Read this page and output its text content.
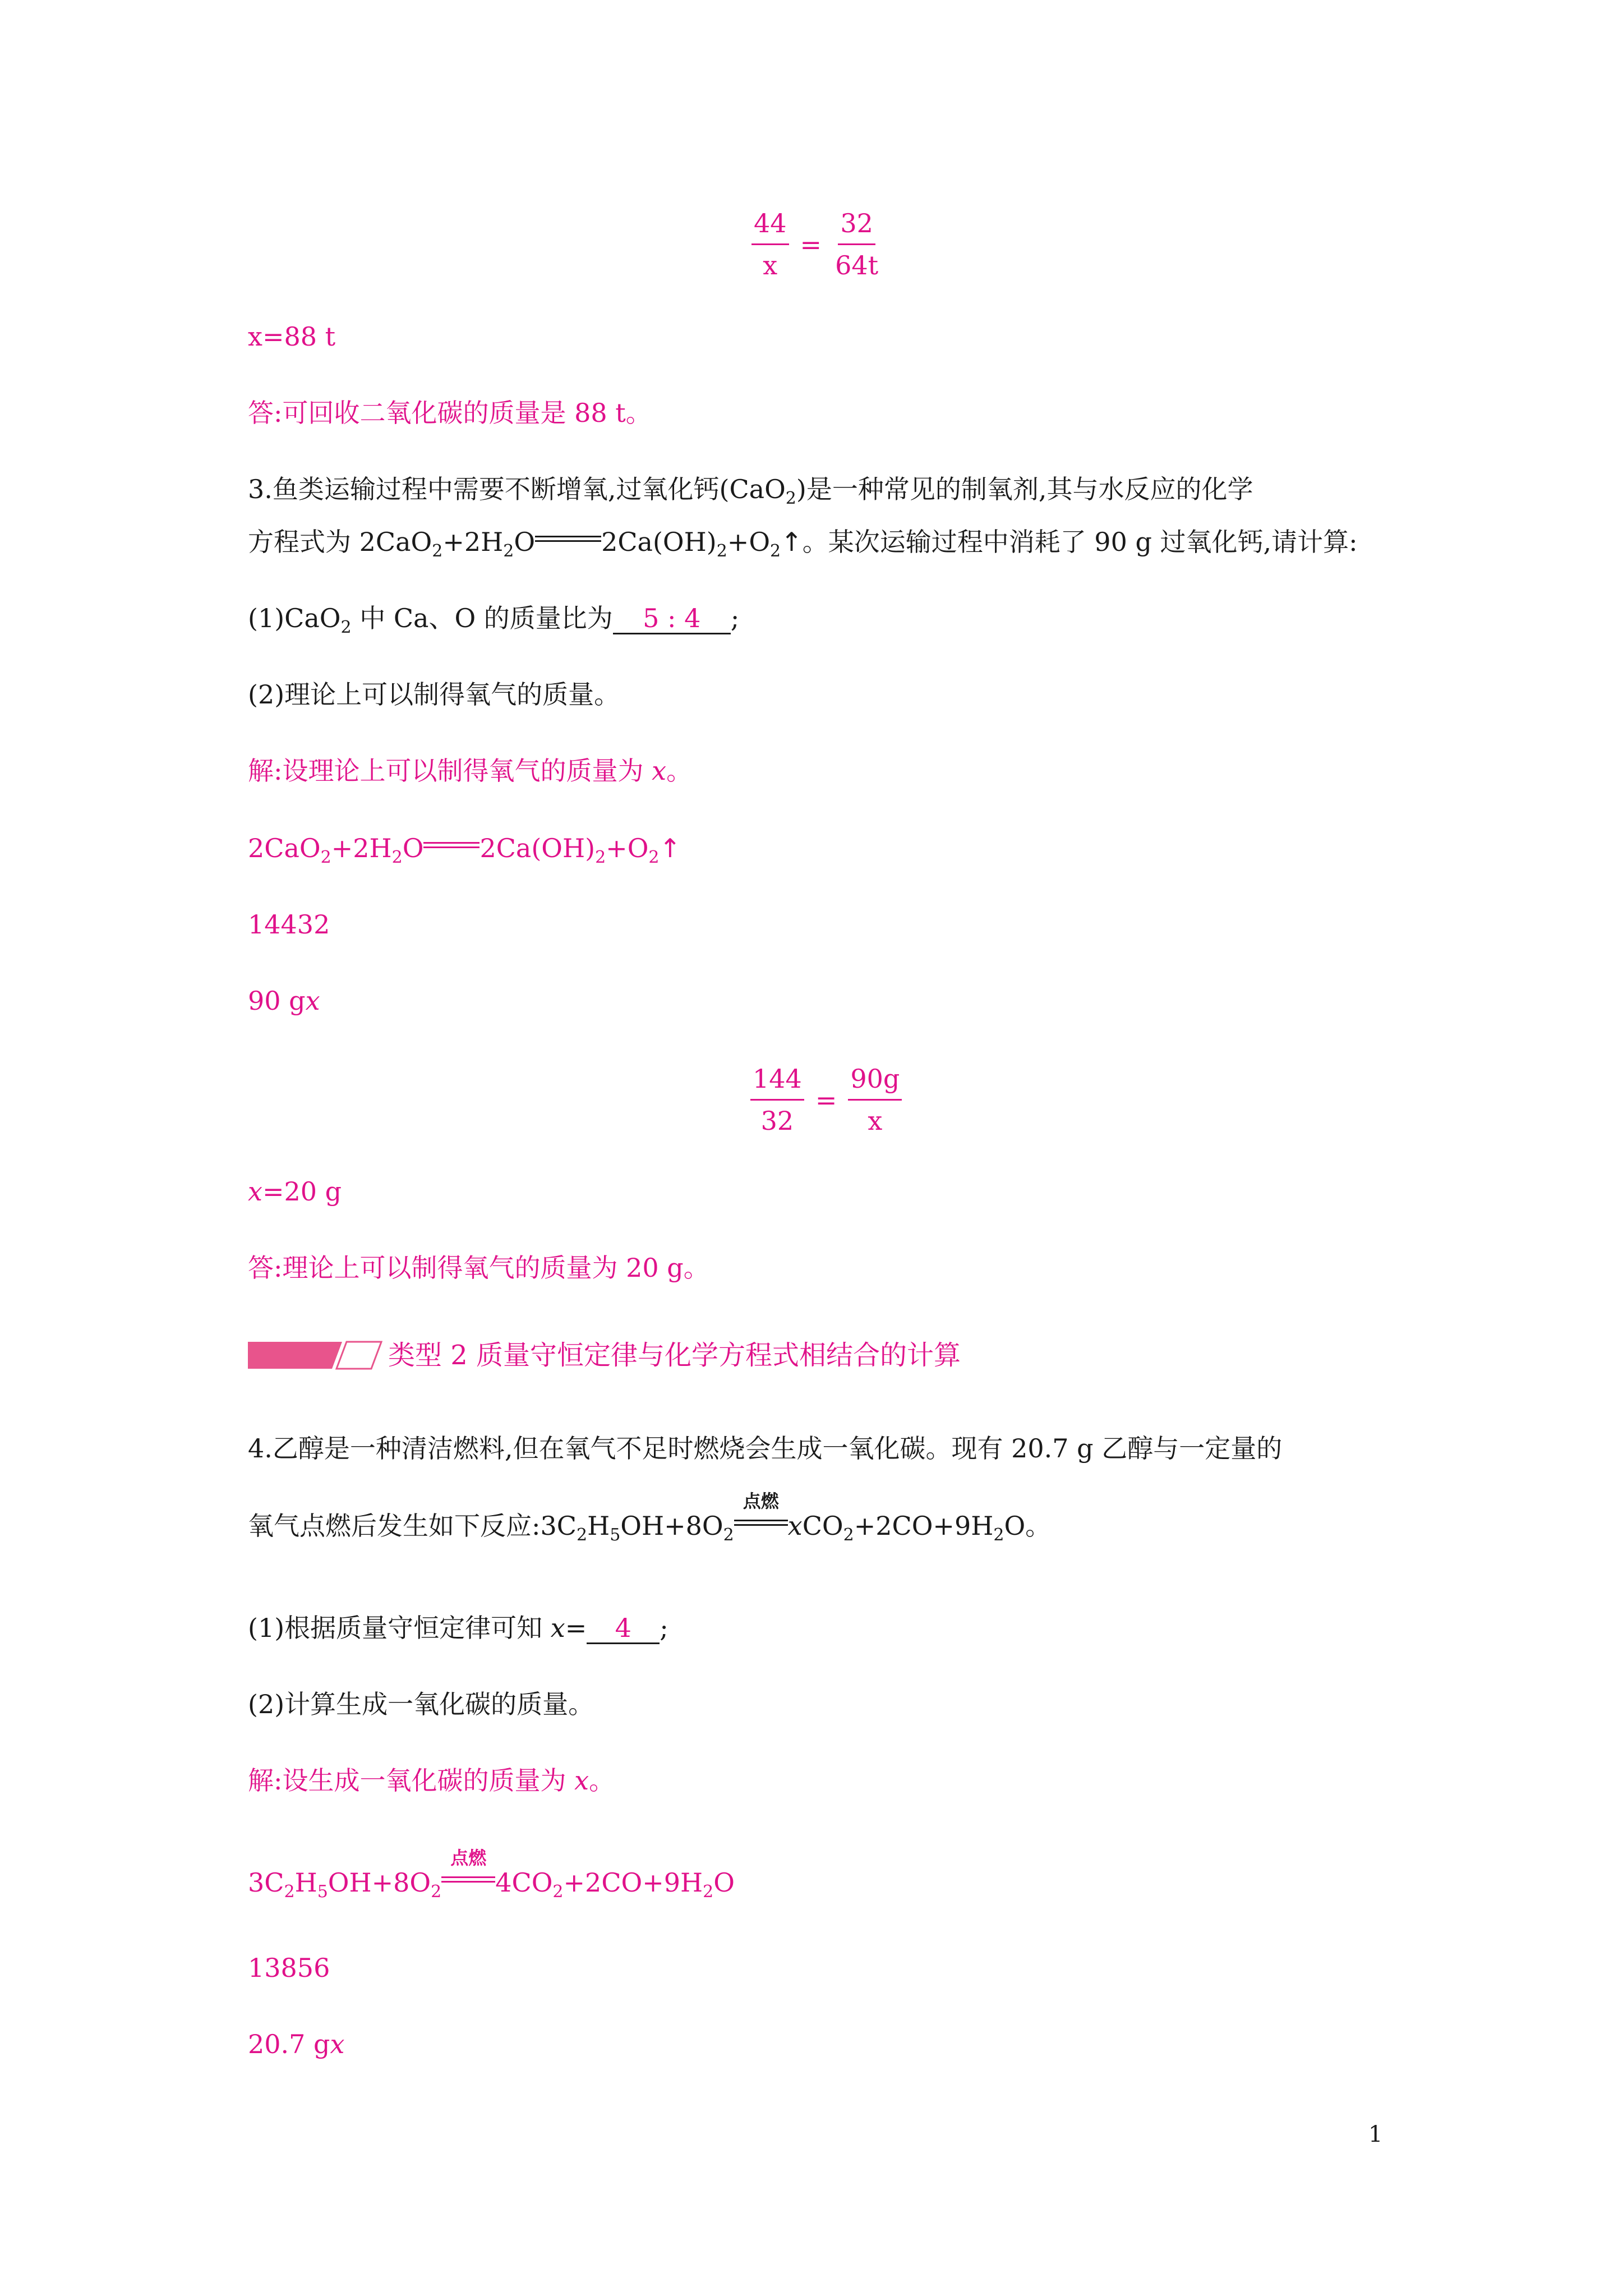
$\frac{44}{x} = \frac{32}{64t}$
x=88 t
答:可回收二氧化碳的质量是 88 t。
3.鱼类运输过程中需要不断增氧,过氧化钙(CaO$_2$)是一种常见的制氧剂,其与水反应的化学
方程式为 $2CaO_2+2H_2O$	$2Ca(OH)_2+O_2↑$。某次运输过程中消耗了 90 g 过氧化钙,请计算:
(1)CaO$_2$ 中 Ca、O 的质量比为 5 : 4 ;
(2)理论上可以制得氧气的质量。
解:设理论上可以制得氧气的质量为 x。
$2CaO_2+2H_2O$ $2Ca(OH)_2+O_2↑$
14432
90 gx
$\frac{144}{32} = \frac{90g}{x}$
x=20 g
答:理论上可以制得氧气的质量为 20 g。
类型 2 质量守恒定律与化学方程式相结合的计算
4.乙醇是一种清洁燃料,但在氧气不足时燃烧会生成一氧化碳。现有 20.7 g 乙醇与一定量的
氧气点燃后发生如下反应$:3C_2H_5OH+8O_2$
点燃
$xCO_2+2CO+9H_2O$。
(1)根据质量守恒定律可知 x= 4 ;
(2)计算生成一氧化碳的质量。
解:设生成一氧化碳的质量为 x。
$3C_2H_5OH+8O_2$
点燃
$4CO_2+2CO+9H_2O$
13856
20.7 gx
1
